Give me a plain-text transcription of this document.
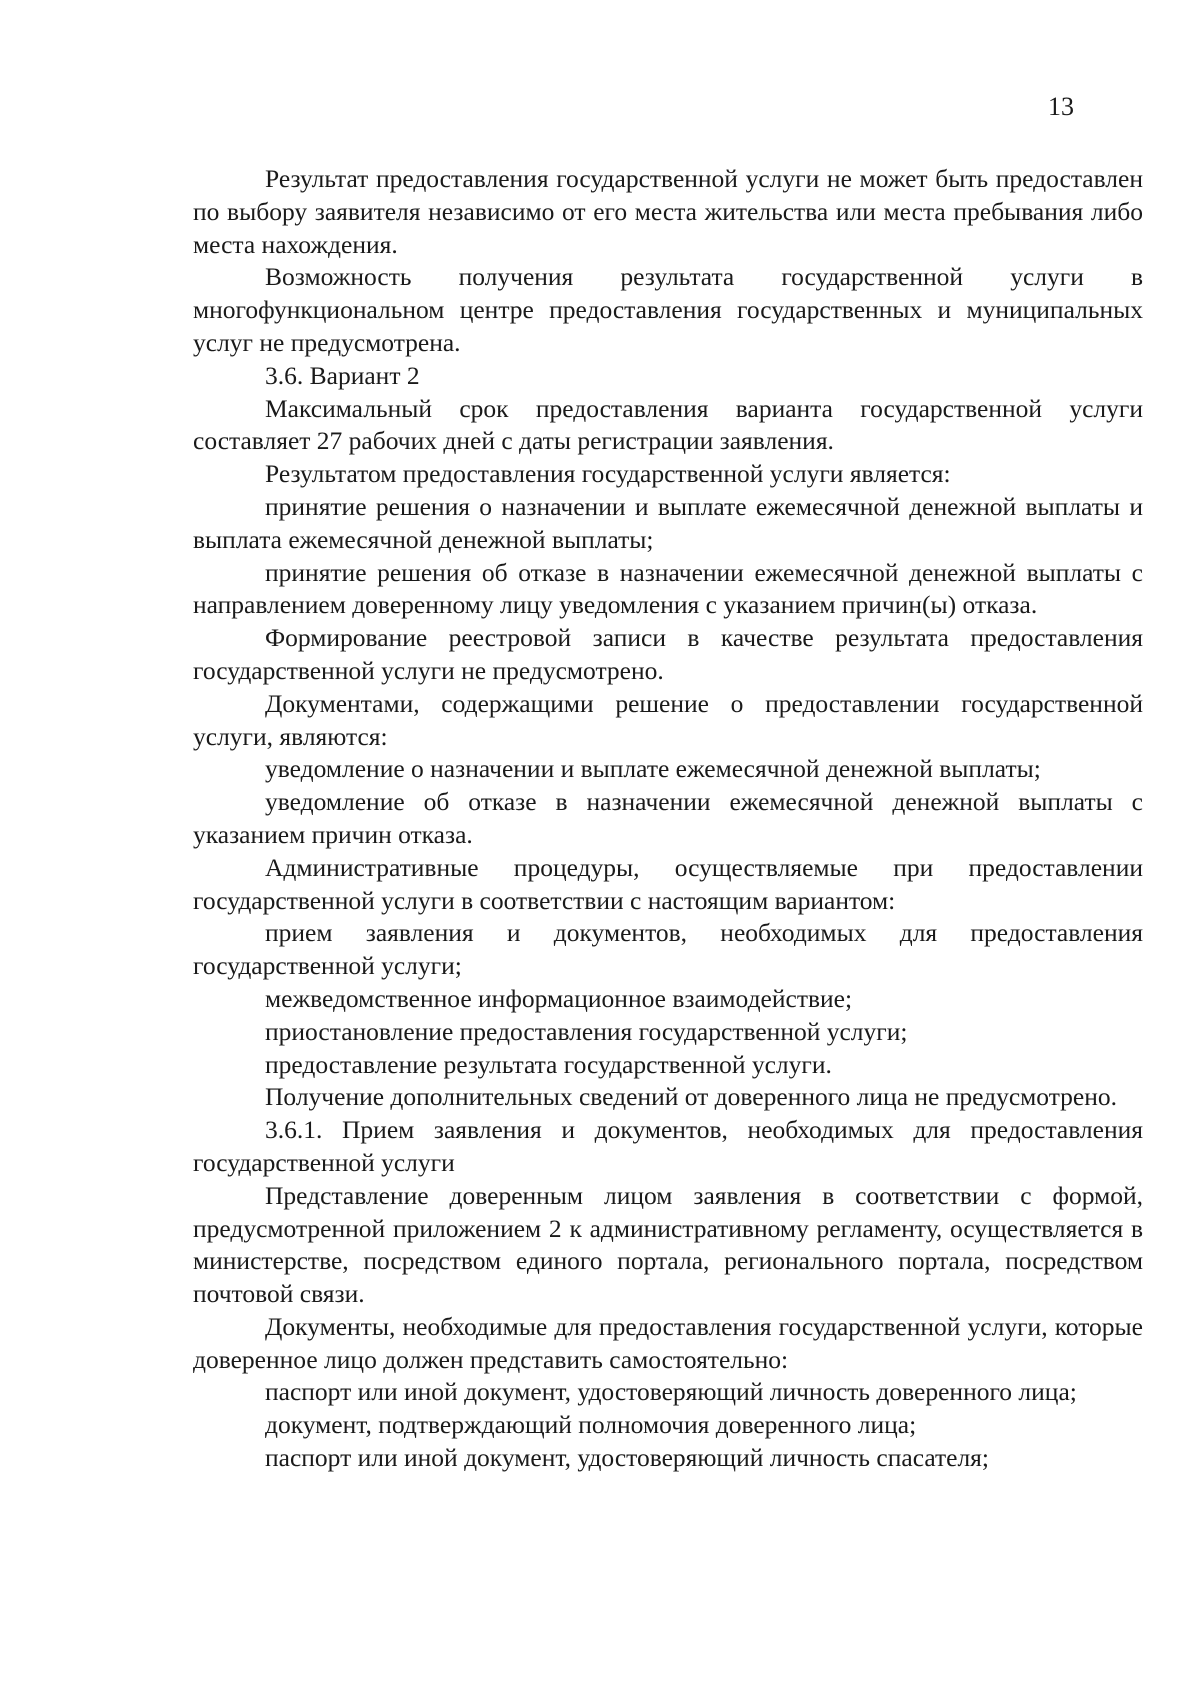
13

Результат предоставления государственной услуги не может быть предоставлен по выбору заявителя независимо от его места жительства или места пребывания либо места нахождения.

Возможность получения результата государственной услуги в многофункциональном центре предоставления государственных и муниципальных услуг не предусмотрена.

3.6. Вариант 2

Максимальный срок предоставления варианта государственной услуги составляет 27 рабочих дней с даты регистрации заявления.

Результатом предоставления государственной услуги является:

принятие решения о назначении и выплате ежемесячной денежной выплаты и выплата ежемесячной денежной выплаты;

принятие решения об отказе в назначении ежемесячной денежной выплаты с направлением доверенному лицу уведомления с указанием причин(ы) отказа.

Формирование реестровой записи в качестве результата предоставления государственной услуги не предусмотрено.

Документами, содержащими решение о предоставлении государственной услуги, являются:

уведомление о назначении и выплате ежемесячной денежной выплаты;

уведомление об отказе в назначении ежемесячной денежной выплаты с указанием причин отказа.

Административные процедуры, осуществляемые при предоставлении государственной услуги в соответствии с настоящим вариантом:

прием заявления и документов, необходимых для предоставления государственной услуги;

межведомственное информационное взаимодействие;

приостановление предоставления государственной услуги;

предоставление результата государственной услуги.

Получение дополнительных сведений от доверенного лица не предусмотрено.

3.6.1. Прием заявления и документов, необходимых для предоставления государственной услуги

Представление доверенным лицом заявления в соответствии с формой, предусмотренной приложением 2 к административному регламенту, осуществляется в министерстве, посредством единого портала, регионального портала, посредством почтовой связи.

Документы, необходимые для предоставления государственной услуги, которые доверенное лицо должен представить самостоятельно:

паспорт или иной документ, удостоверяющий личность доверенного лица;

документ, подтверждающий полномочия доверенного лица;

паспорт или иной документ, удостоверяющий личность спасателя;
